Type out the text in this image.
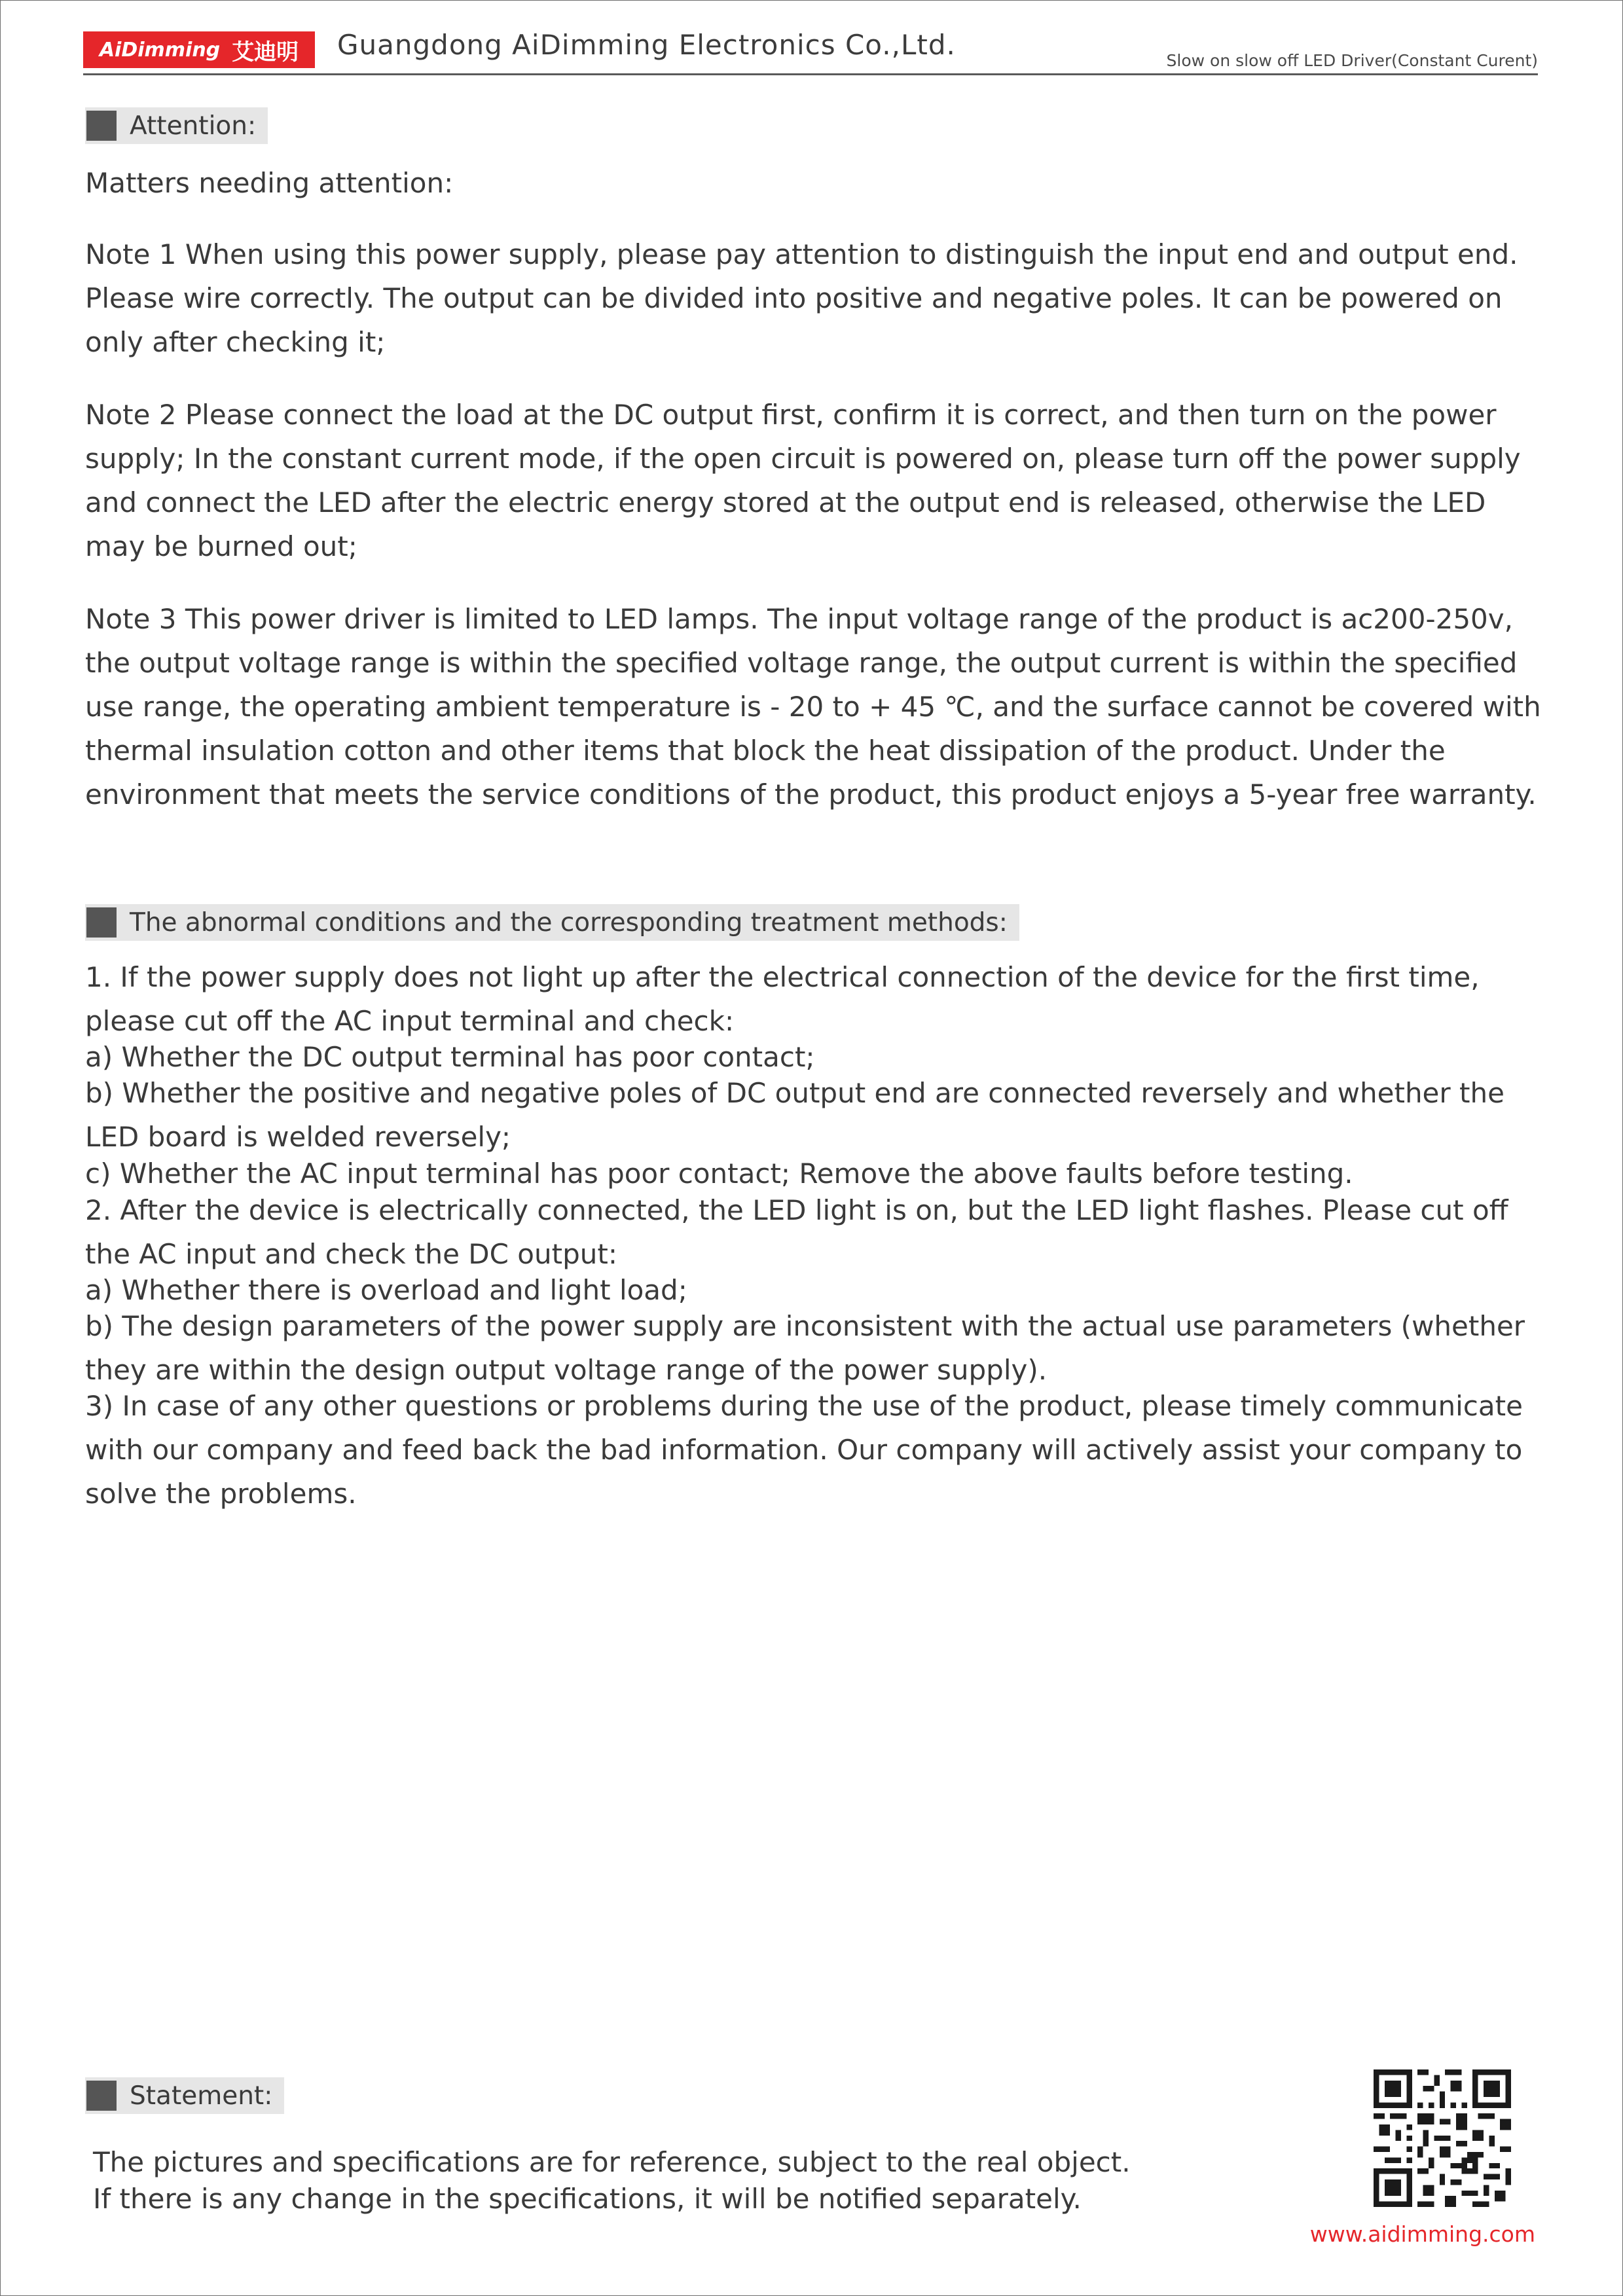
AiDimming 艾迪明 Guangdong AiDimming Electronics Co.,Ltd.	Slow on slow off LED Driver(Constant Curent)
Attention:

Matters needing attention:

Note 1 When using this power supply, please pay attention to distinguish the input end and output end. Please wire correctly. The output can be divided into positive and negative poles. It can be powered on only after checking it;

Note 2 Please connect the load at the DC output first, confirm it is correct, and then turn on the power supply; In the constant current mode, if the open circuit is powered on, please turn off the power supply and connect the LED after the electric energy stored at the output end is released, otherwise the LED may be burned out;

Note 3 This power driver is limited to LED lamps. The input voltage range of the product is ac200-250v, the output voltage range is within the specified voltage range, the output current is within the specified use range, the operating ambient temperature is - 20 to + 45 ℃, and the surface cannot be covered with thermal insulation cotton and other items that block the heat dissipation of the product. Under the environment that meets the service conditions of the product, this product enjoys a 5-year free warranty.

The abnormal conditions and the corresponding treatment methods:

1. If the power supply does not light up after the electrical connection of the device for the first time, please cut off the AC input terminal and check:

a) Whether the DC output terminal has poor contact;

b) Whether the positive and negative poles of DC output end are connected reversely and whether the LED board is welded reversely;

c) Whether the AC input terminal has poor contact; Remove the above faults before testing.

2. After the device is electrically connected, the LED light is on, but the LED light flashes. Please cut off the AC input and check the DC output:

a) Whether there is overload and light load;

b) The design parameters of the power supply are inconsistent with the actual use parameters (whether they are within the design output voltage range of the power supply).

3) In case of any other questions or problems during the use of the product, please timely communicate with our company and feed back the bad information. Our company will actively assist your company to solve the problems.

Statement:
The pictures and specifications are for reference, subject to the real object.
If there is any change in the specifications, it will be notified separately.
www.aidimming.com
